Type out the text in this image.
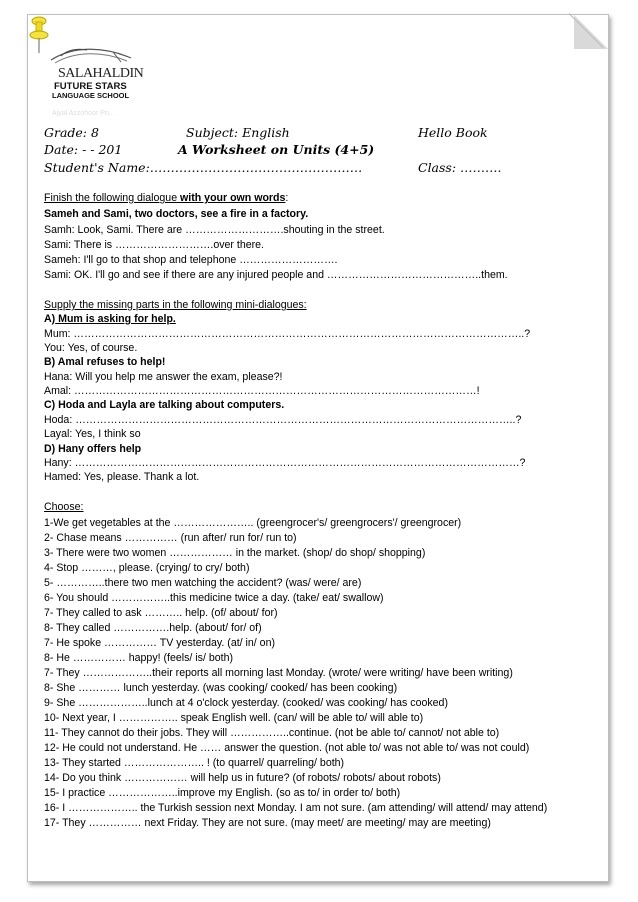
SALAHALDIN
FUTURE STARS
LANGUAGE SCHOOL
Ajyal Azzohoor Pri...
Grade: 8	Subject: English	Hello Book
Date: - - 201	A Worksheet on Units (4+5)
Student's Name:……………………………………………	Class: ……….
Finish the following dialogue with your own words:
Sameh and Sami, two doctors, see a fire in a factory.
Samh: Look, Sami. There are ……………………….shouting in the street.
Sami: There is ……………………….over there.
Sameh: I'll go to that shop and telephone ……………………….
Sami: OK. I'll go and see if there are any injured people and ……………………………………..them.
Supply the missing parts in the following mini-dialogues:
A) Mum is asking for help.
Mum: ………………………………………………………………………………………………………………..?
You: Yes, of course.
B) Amal refuses to help!
Hana: Will you help me answer the exam, please?!
Amal: ……………………………………………………………………………………………………!
C) Hoda and Layla are talking about computers.
Hoda: ……………………………………………………………………………………………………………..?
Layal: Yes, I think so
D) Hany offers help
Hany: ………………………………………………………………………………………………………………?
Hamed: Yes, please. Thank a lot.
Choose:
1-We get vegetables at the ………………….. (greengrocer's/ greengrocers'/ greengrocer)
2- Chase means …………… (run after/ run for/ run to)
3- There were two women ……………… in the market. (shop/ do shop/ shopping)
4- Stop ………, please. (crying/ to cry/ both)
5- …………..there two men watching the accident? (was/ were/ are)
6- You should ……………..this medicine twice a day. (take/ eat/ swallow)
7- They called to ask ……….. help. (of/ about/ for)
8- They called …………….help. (about/ for/ of)
7- He spoke …………… TV yesterday. (at/ in/ on)
8- He …………… happy! (feels/ is/ both)
7- They ………………..their reports all morning last Monday. (wrote/ were writing/ have been writing)
8- She ………… lunch yesterday. (was cooking/ cooked/ has been cooking)
9- She ………………..lunch at 4 o'clock yesterday. (cooked/ was cooking/ has cooked)
10- Next year, I …………….. speak English well. (can/ will be able to/ will able to)
11- They cannot do their jobs. They will ……………..continue. (not be able to/ cannot/ not able to)
12- He could not understand. He …… answer the question. (not able to/ was not able to/ was not could)
13- They started ………………….. ! (to quarrel/ quarreling/ both)
14- Do you think ……………… will help us in future? (of robots/ robots/ about robots)
15- I practice ………………..improve my English. (so as to/ in order to/ both)
16- I ……………….. the Turkish session next Monday. I am not sure. (am attending/ will attend/ may attend)
17- They …………… next Friday. They are not sure. (may meet/ are meeting/ may are meeting)
